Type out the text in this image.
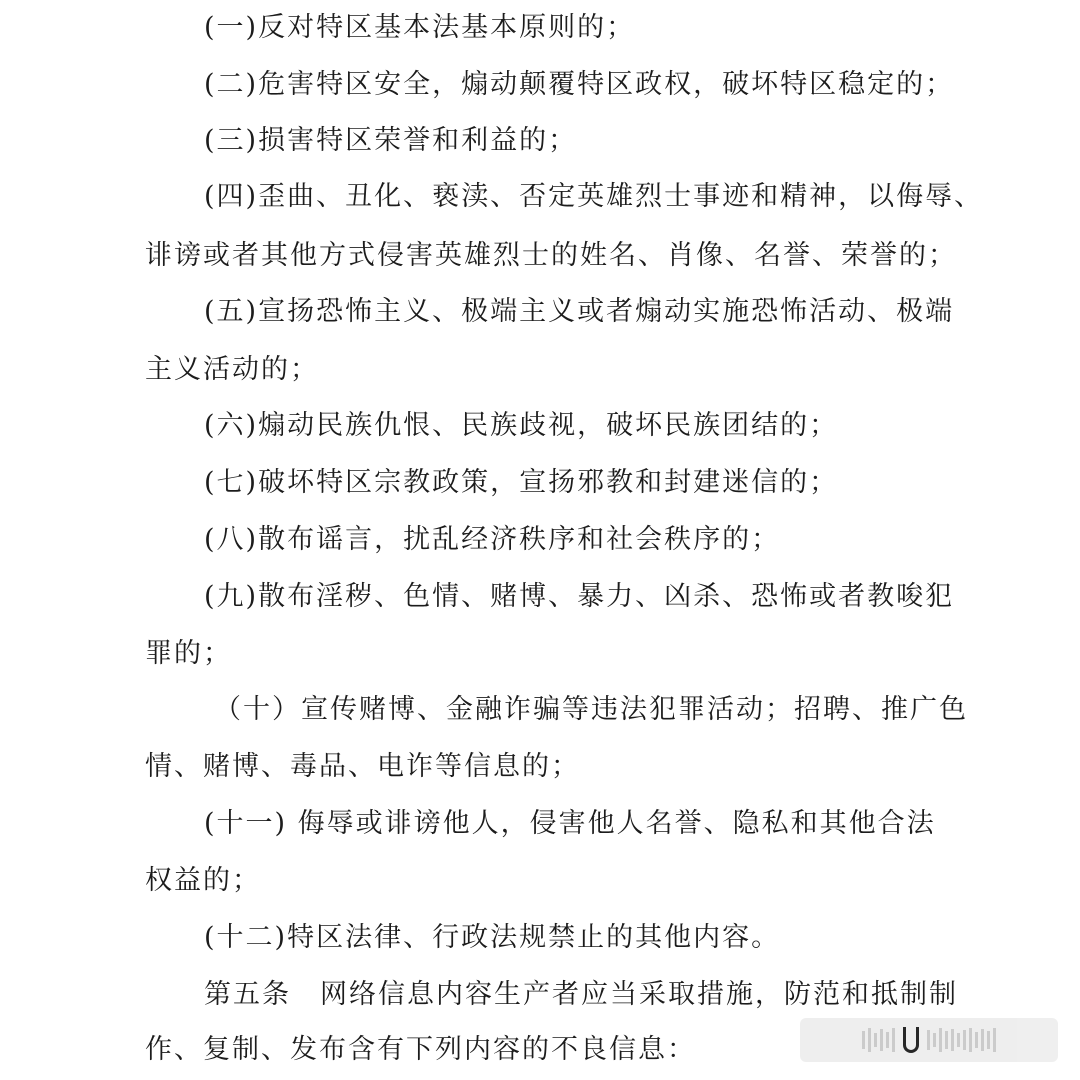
(一)反对特区基本法基本原则的；
(二)危害特区安全，煽动颠覆特区政权，破坏特区稳定的；
(三)损害特区荣誉和利益的；
(四)歪曲、丑化、亵渎、否定英雄烈士事迹和精神，以侮辱、
诽谤或者其他方式侵害英雄烈士的姓名、肖像、名誉、荣誉的；
(五)宣扬恐怖主义、极端主义或者煽动实施恐怖活动、极端
主义活动的；
(六)煽动民族仇恨、民族歧视，破坏民族团结的；
(七)破坏特区宗教政策，宣扬邪教和封建迷信的；
(八)散布谣言，扰乱经济秩序和社会秩序的；
(九)散布淫秽、色情、赌博、暴力、凶杀、恐怖或者教唆犯
罪的；
（十）宣传赌博、金融诈骗等违法犯罪活动；招聘、推广色
情、赌博、毒品、电诈等信息的；
(十一) 侮辱或诽谤他人，侵害他人名誉、隐私和其他合法
权益的；
(十二)特区法律、行政法规禁止的其他内容。
第五条　网络信息内容生产者应当采取措施，防范和抵制制
作、复制、发布含有下列内容的不良信息：
